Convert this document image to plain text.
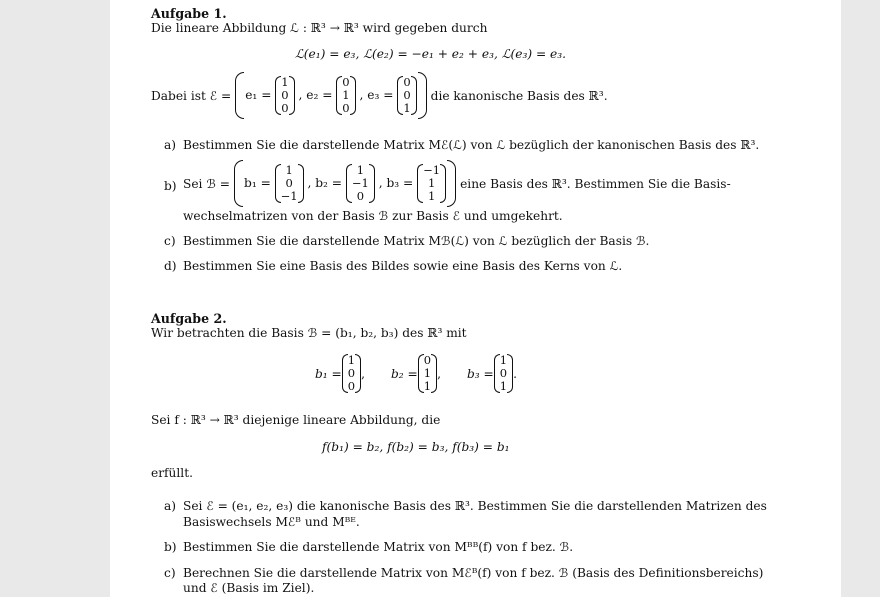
Aufgabe 1.
Die lineare Abbildung ℒ : ℝ³ → ℝ³ wird gegeben durch
ℒ(e₁) = e₃, ℒ(e₂) = −e₁ + e₂ + e₃, ℒ(e₃) = e₃.
Dabei ist ℰ =	e₁ =
1
0
0
, e₂ =
0
1
0
, e₃ =
0
0
1
die kanonische Basis des ℝ³.
a) Bestimmen Sie die darstellende Matrix Mℰ(ℒ) von ℒ bezüglich der kanonischen Basis des ℝ³.
b) Sei ℬ =	b₁ =
1
0
−1
, b₂ =
1
−1
0
, b₃ =
−1
1
1
eine Basis des ℝ³. Bestimmen Sie die Basis-
wechselmatrizen von der Basis ℬ zur Basis ℰ und umgekehrt.
c) Bestimmen Sie die darstellende Matrix Mℬ(ℒ) von ℒ bezüglich der Basis ℬ.
d) Bestimmen Sie eine Basis des Bildes sowie eine Basis des Kerns von ℒ.
Aufgabe 2.
Wir betrachten die Basis ℬ = (b₁, b₂, b₃) des ℝ³ mit
b₁ =
1
0
0
, b₂ =
0
1
1
, b₃ =
1
0
1
.
Sei f : ℝ³ → ℝ³ diejenige lineare Abbildung, die
f(b₁) = b₂, f(b₂) = b₃, f(b₃) = b₁
erfüllt.
a) Sei ℰ = (e₁, e₂, e₃) die kanonische Basis des ℝ³. Bestimmen Sie die darstellenden Matrizen des
Basiswechsels Mℰᴮ und Mᴮᴱ.
b) Bestimmen Sie die darstellende Matrix von Mᴮᴮ(f) von f bez. ℬ.
c) Berechnen Sie die darstellende Matrix von Mℰᴮ(f) von f bez. ℬ (Basis des Definitionsbereichs)
und ℰ (Basis im Ziel).
